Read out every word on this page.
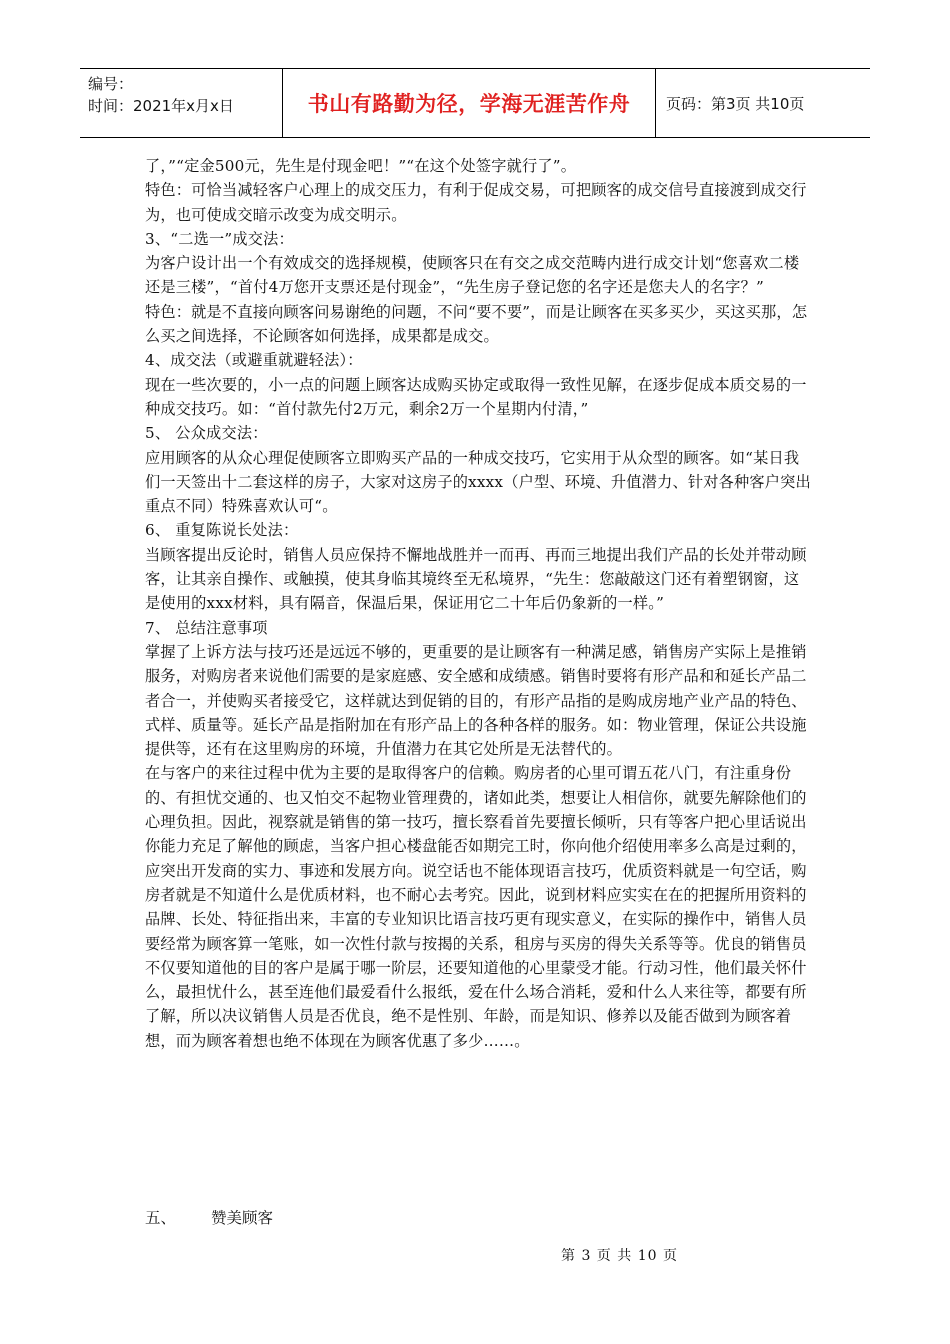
编号：
时间：2021年x月x日	书山有路勤为径，学海无涯苦作舟	页码：第3页 共10页

了，”“定金500元，先生是付现金吧！”“在这个处签字就行了”。

特色：可恰当减轻客户心理上的成交压力，有利于促成交易，可把顾客的成交信号直接渡到成交行为，也可使成交暗示改变为成交明示。

3、“二选一”成交法：

为客户设计出一个有效成交的选择规模，使顾客只在有交之成交范畴内进行成交计划“您喜欢二楼还是三楼”，“首付4万您开支票还是付现金”，“先生房子登记您的名字还是您夫人的名字？”

特色：就是不直接向顾客问易谢绝的问题，不问“要不要”，而是让顾客在买多买少，买这买那，怎么买之间选择，不论顾客如何选择，成果都是成交。

4、成交法（或避重就避轻法）：

现在一些次要的，小一点的问题上顾客达成购买协定或取得一致性见解，在逐步促成本质交易的一种成交技巧。如：“首付款先付2万元，剩余2万一个星期内付清，”

5、 公众成交法：

应用顾客的从众心理促使顾客立即购买产品的一种成交技巧，它实用于从众型的顾客。如“某日我们一天签出十二套这样的房子，大家对这房子的xxxx（户型、环境、升值潜力、针对各种客户突出重点不同）特殊喜欢认可“。

6、 重复陈说长处法：

当顾客提出反论时，销售人员应保持不懈地战胜并一而再、再而三地提出我们产品的长处并带动顾客，让其亲自操作、或触摸，使其身临其境终至无私境界，“先生：您敲敲这门还有着塑钢窗，这是使用的xxx材料，具有隔音，保温后果，保证用它二十年后仍象新的一样。”

7、 总结注意事项

掌握了上诉方法与技巧还是远远不够的，更重要的是让顾客有一种满足感，销售房产实际上是推销服务，对购房者来说他们需要的是家庭感、安全感和成绩感。销售时要将有形产品和和延长产品二者合一，并使购买者接受它，这样就达到促销的目的，有形产品指的是购成房地产业产品的特色、式样、质量等。延长产品是指附加在有形产品上的各种各样的服务。如：物业管理，保证公共设施提供等，还有在这里购房的环境，升值潜力在其它处所是无法替代的。

在与客户的来往过程中优为主要的是取得客户的信赖。购房者的心里可谓五花八门，有注重身份的、有担忧交通的、也又怕交不起物业管理费的，诸如此类，想要让人相信你，就要先解除他们的心理负担。因此，视察就是销售的第一技巧，擅长察看首先要擅长倾听，只有等客户把心里话说出你能力充足了解他的顾虑，当客户担心楼盘能否如期完工时，你向他介绍使用率多么高是过剩的，应突出开发商的实力、事迹和发展方向。说空话也不能体现语言技巧，优质资料就是一句空话，购房者就是不知道什么是优质材料，也不耐心去考究。因此，说到材料应实实在在的把握所用资料的品牌、长处、特征指出来，丰富的专业知识比语言技巧更有现实意义，在实际的操作中，销售人员要经常为顾客算一笔账，如一次性付款与按揭的关系，租房与买房的得失关系等等。优良的销售员不仅要知道他的目的客户是属于哪一阶层，还要知道他的心里蒙受才能。行动习性，他们最关怀什么，最担忧什么，甚至连他们最爱看什么报纸，爱在什么场合消耗，爱和什么人来往等，都要有所了解，所以决议销售人员是否优良，绝不是性别、年龄，而是知识、修养以及能否做到为顾客着想，而为顾客着想也绝不体现在为顾客优惠了多少……。

五、 赞美顾客
第 3 页 共 10 页
